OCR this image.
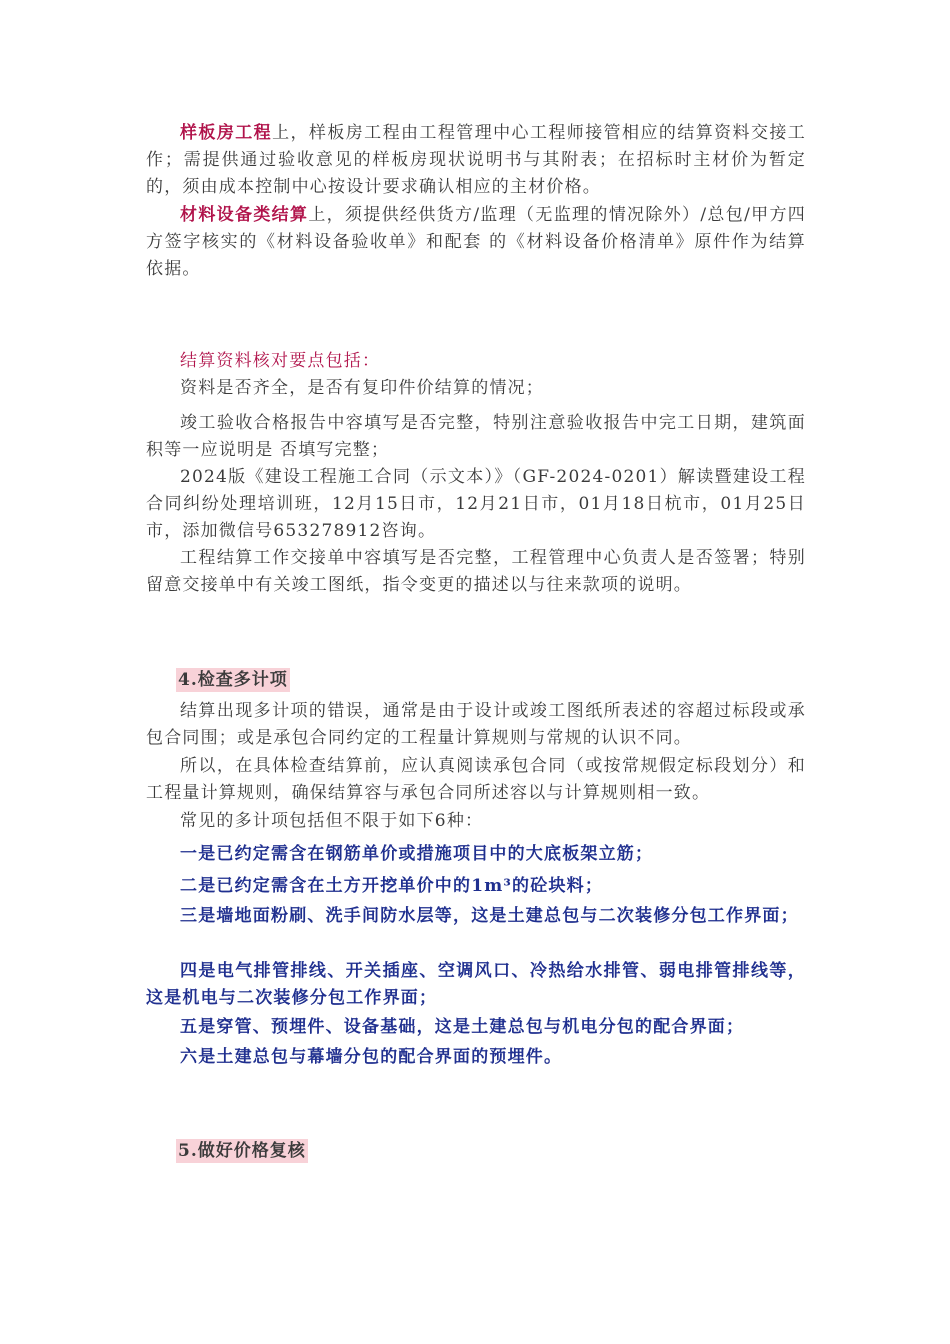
样板房工程上，样板房工程由工程管理中心工程师接管相应的结算资料交接工作；需提供通过验收意见的样板房现状说明书与其附表；在招标时主材价为暂定的，须由成本控制中心按设计要求确认相应的主材价格。

材料设备类结算上，须提供经供货方/监理（无监理的情况除外）/总包/甲方四方签字核实的《材料设备验收单》和配套 的《材料设备价格清单》原件作为结算依据。

结算资料核对要点包括：

资料是否齐全，是否有复印件价结算的情况；

竣工验收合格报告中容填写是否完整，特别注意验收报告中完工日期，建筑面积等一应说明是 否填写完整；

2024版《建设工程施工合同（示文本）》（GF-2024-0201）解读暨建设工程合同纠纷处理培训班，12月15日市，12月21日市，01月18日杭市，01月25日市，添加微信号653278912咨询。

工程结算工作交接单中容填写是否完整，工程管理中心负责人是否签署；特别留意交接单中有关竣工图纸，指令变更的描述以与往来款项的说明。

4.检查多计项

结算出现多计项的错误，通常是由于设计或竣工图纸所表述的容超过标段或承包合同围；或是承包合同约定的工程量计算规则与常规的认识不同。

所以，在具体检查结算前，应认真阅读承包合同（或按常规假定标段划分）和工程量计算规则，确保结算容与承包合同所述容以与计算规则相一致。

常见的多计项包括但不限于如下6种：

一是已约定需含在钢筋单价或措施项目中的大底板架立筋；

二是已约定需含在土方开挖单价中的1m³的砼块料；

三是墙地面粉刷、洗手间防水层等，这是土建总包与二次装修分包工作界面；

四是电气排管排线、开关插座、空调风口、冷热给水排管、弱电排管排线等，这是机电与二次装修分包工作界面；

五是穿管、预埋件、设备基础，这是土建总包与机电分包的配合界面；

六是土建总包与幕墙分包的配合界面的预埋件。

5.做好价格复核
